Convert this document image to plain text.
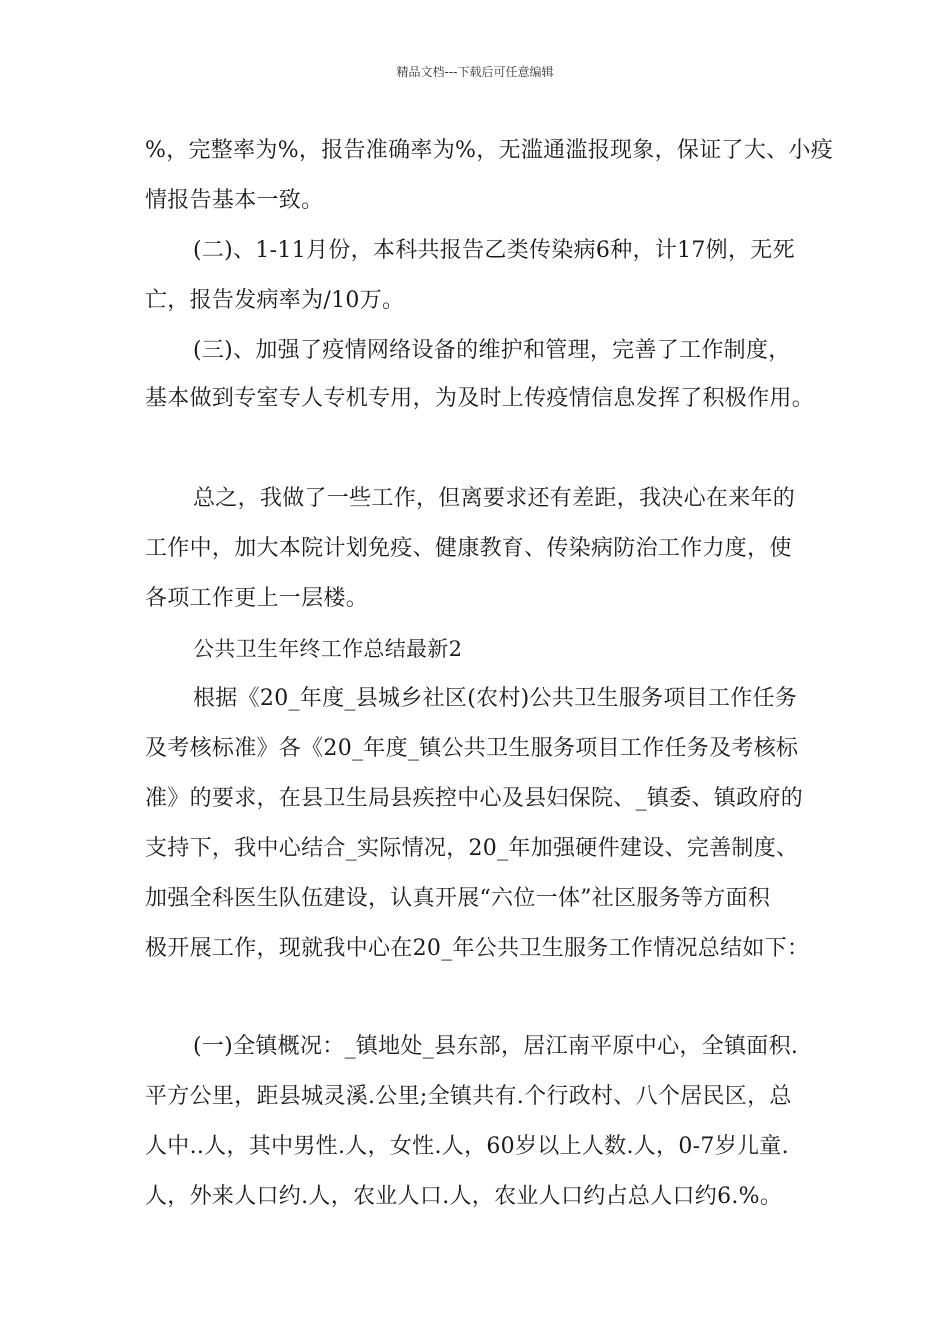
精品文档---下载后可任意编辑
%，完整率为%，报告准确率为%，无滥通滥报现象，保证了大、小疫
情报告基本一致。
(二)、1-11月份，本科共报告乙类传染病6种，计17例，无死
亡，报告发病率为/10万。
(三)、加强了疫情网络设备的维护和管理，完善了工作制度，
基本做到专室专人专机专用，为及时上传疫情信息发挥了积极作用。
总之，我做了一些工作，但离要求还有差距，我决心在来年的
工作中，加大本院计划免疫、健康教育、传染病防治工作力度，使
各项工作更上一层楼。
公共卫生年终工作总结最新2
根据《20_年度_县城乡社区(农村)公共卫生服务项目工作任务
及考核标准》各《20_年度_镇公共卫生服务项目工作任务及考核标
准》的要求，在县卫生局县疾控中心及县妇保院、_镇委、镇政府的
支持下，我中心结合_实际情况，20_年加强硬件建设、完善制度、
加强全科医生队伍建设，认真开展“六位一体”社区服务等方面积
极开展工作，现就我中心在20_年公共卫生服务工作情况总结如下：
(一)全镇概况：_镇地处_县东部，居江南平原中心，全镇面积.
平方公里，距县城灵溪.公里;全镇共有.个行政村、八个居民区，总
人中..人，其中男性.人，女性.人，60岁以上人数.人，0-7岁儿童.
人，外来人口约.人，农业人口.人，农业人口约占总人口约6.%。
